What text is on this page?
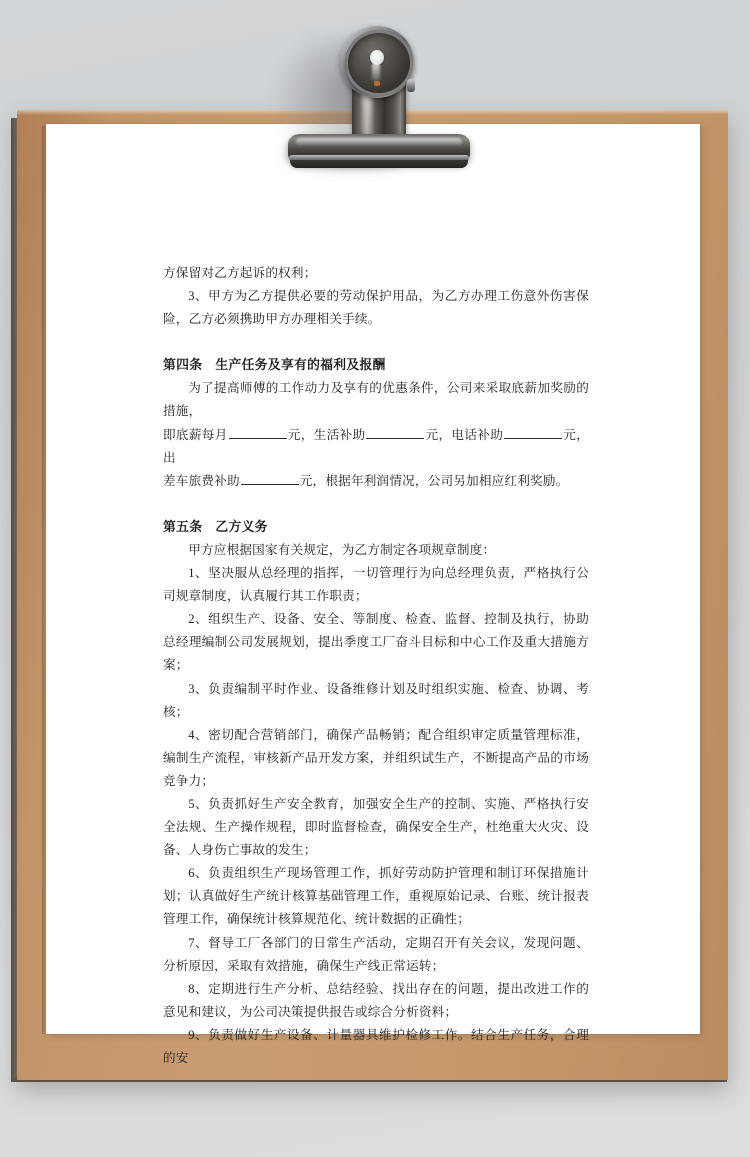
方保留对乙方起诉的权利；
3、甲方为乙方提供必要的劳动保护用品，为乙方办理工伤意外伤害保险，乙方必须携助甲方办理相关手续。
第四条　生产任务及享有的福利及报酬
为了提高师傅的工作动力及享有的优惠条件，公司来采取底薪加奖励的措施，
即底薪每月	元，生活补助	元，电话补助	元，出
差车旅费补助	元，根据年利润情况，公司另加相应红利奖励。
第五条　乙方义务
甲方应根据国家有关规定，为乙方制定各项规章制度：
1、坚决服从总经理的指挥，一切管理行为向总经理负责，严格执行公司规章制度，认真履行其工作职责；
2、组织生产、设备、安全、等制度、检查、监督、控制及执行，协助总经理编制公司发展规划，提出季度工厂奋斗目标和中心工作及重大措施方案；
3、负责编制平时作业、设备维修计划及时组织实施、检查、协调、考核；
4、密切配合营销部门，确保产品畅销；配合组织审定质量管理标准，编制生产流程，审核新产品开发方案，并组织试生产，不断提高产品的市场竞争力；
5、负责抓好生产安全教育，加强安全生产的控制、实施、严格执行安全法规、生产操作规程，即时监督检查，确保安全生产，杜绝重大火灾、设备、人身伤亡事故的发生；
6、负责组织生产现场管理工作，抓好劳动防护管理和制订环保措施计划；认真做好生产统计核算基础管理工作，重视原始记录、台账、统计报表管理工作，确保统计核算规范化、统计数据的正确性；
7、督导工厂各部门的日常生产活动，定期召开有关会议，发现问题、分析原因，采取有效措施，确保生产线正常运转；
8、定期进行生产分析、总结经验、找出存在的问题，提出改进工作的意见和建议，为公司决策提供报告或综合分析资料；
9、负责做好生产设备、计量器具维护检修工作。结合生产任务，合理的安
